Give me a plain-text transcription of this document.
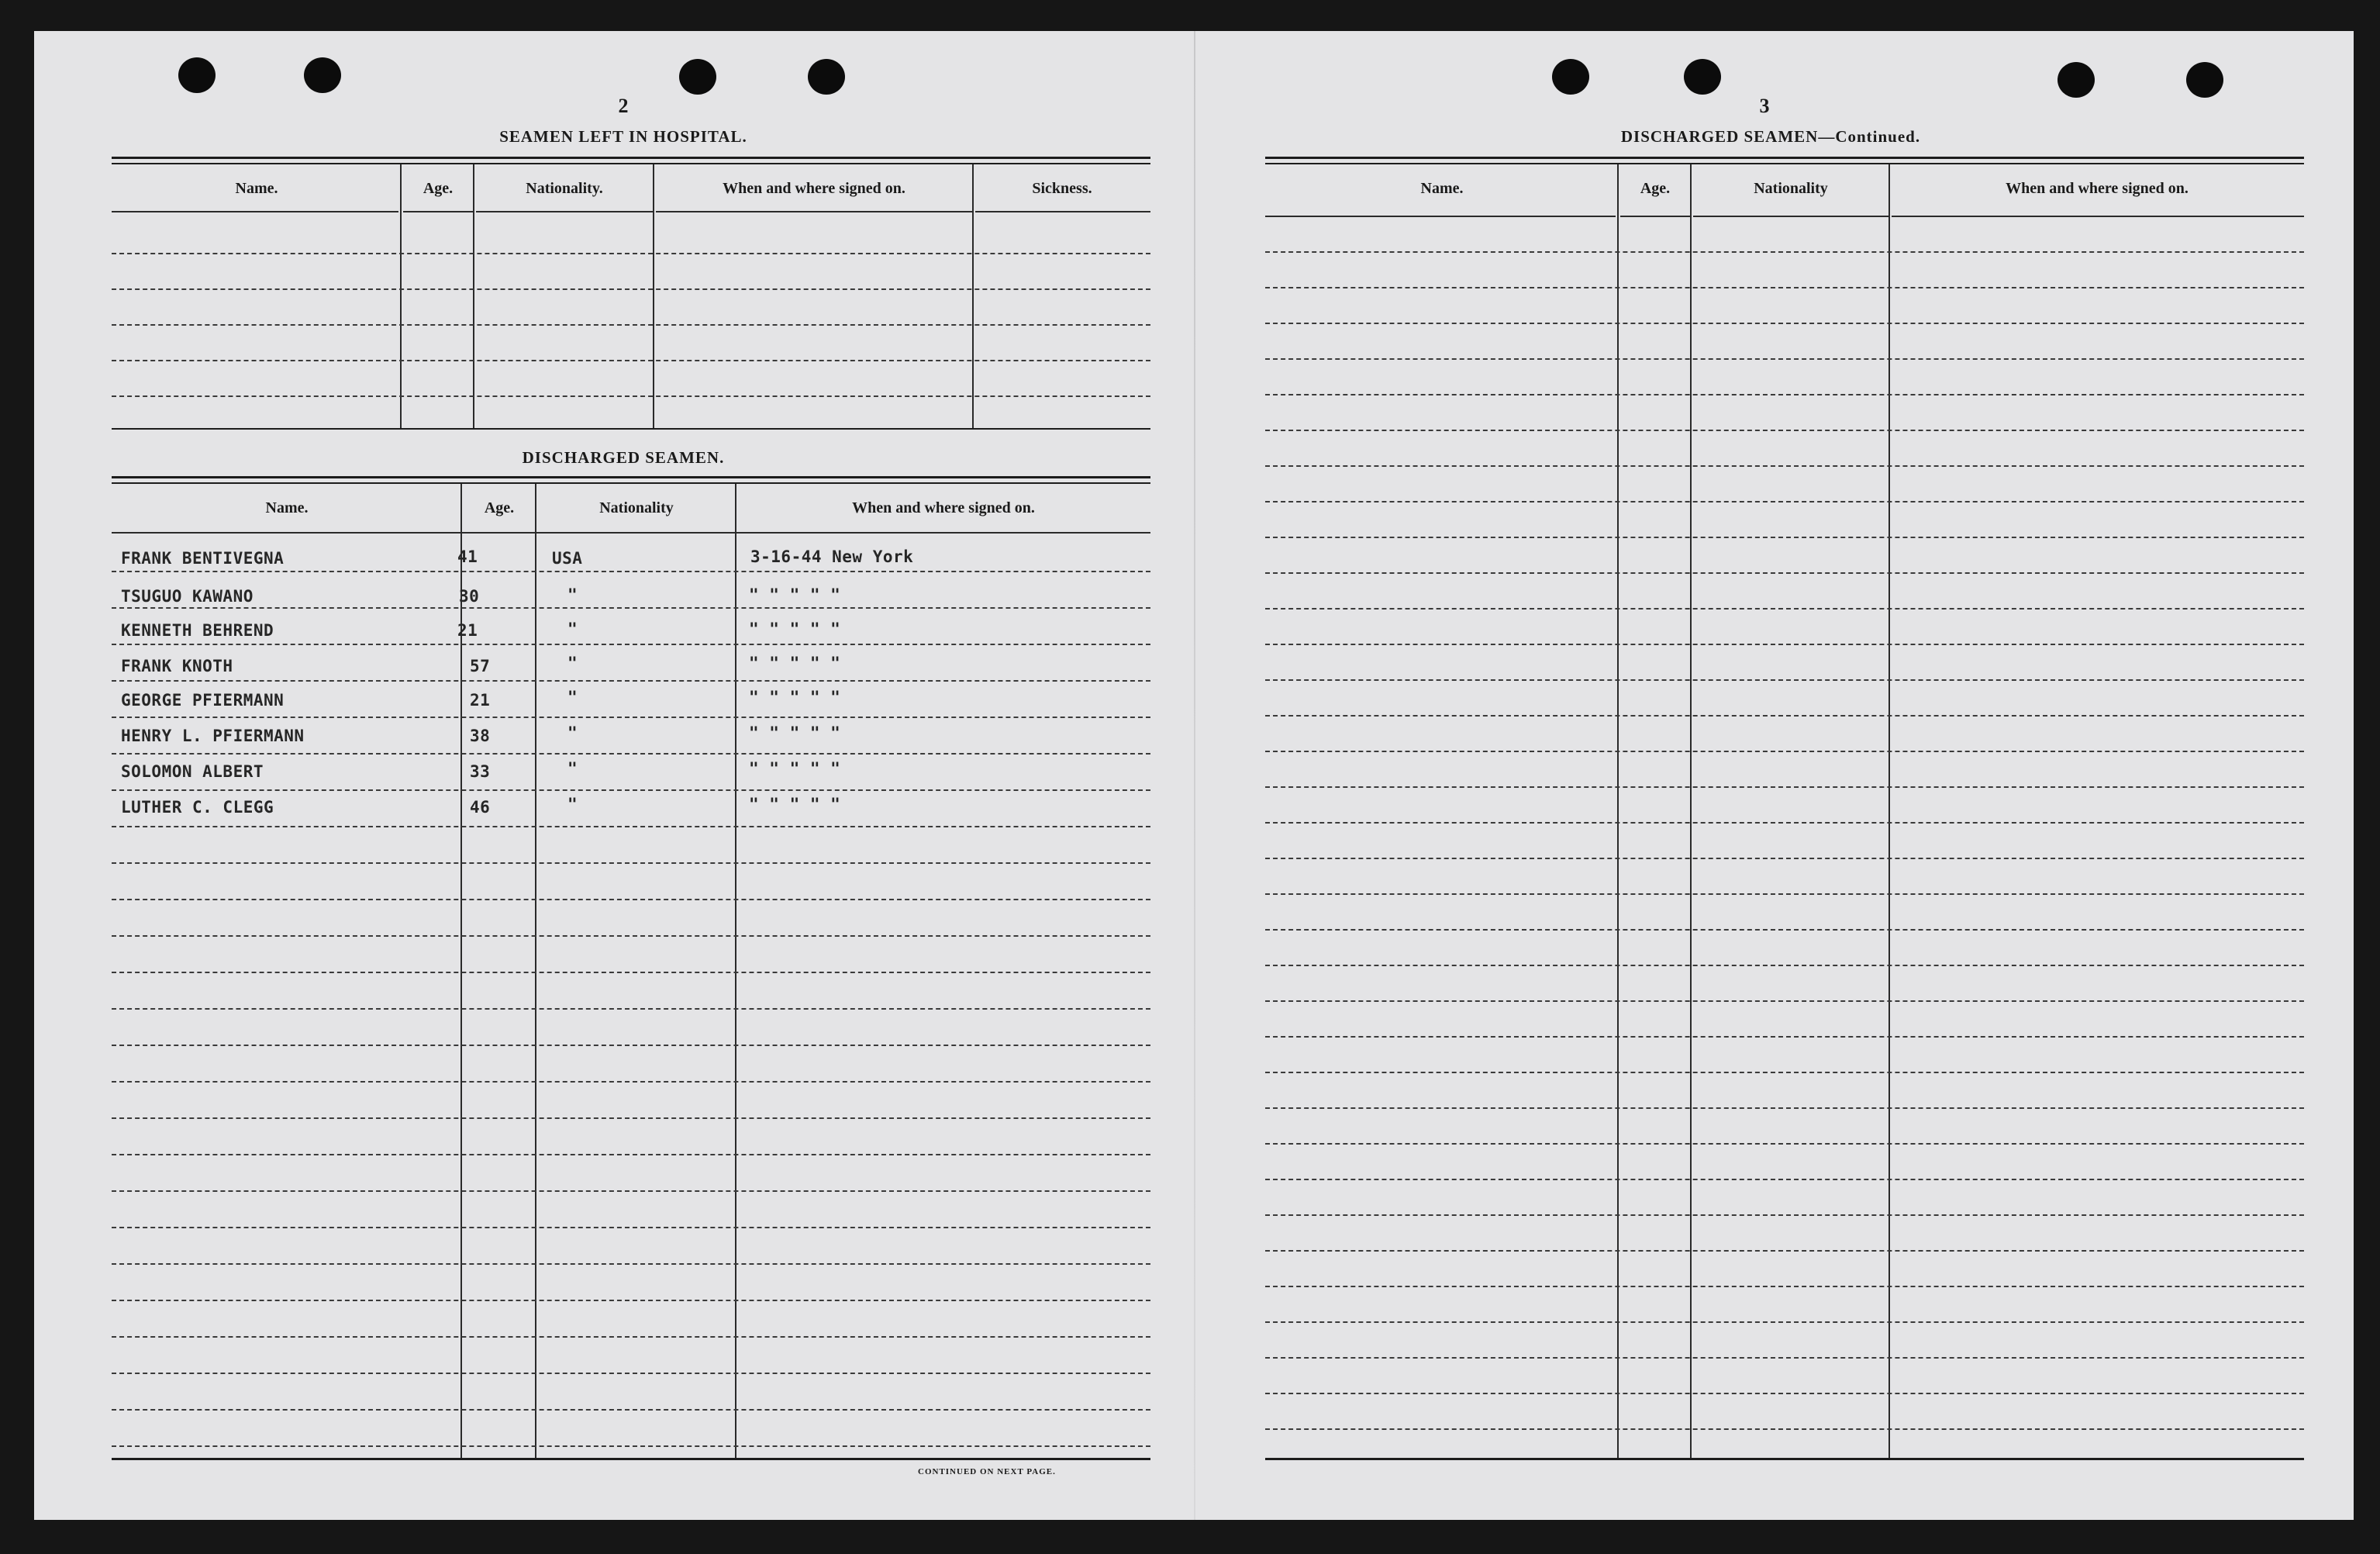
2
SEAMEN LEFT IN HOSPITAL.
Name.	Age.	Nationality.	When and where signed on.	Sickness.
DISCHARGED SEAMEN.
Name.	Age.	Nationality	When and where signed on.
FRANK BENTIVEGNA	41	USA	3-16-44 New York
TSUGUO KAWANO	30	"	" " " " "
KENNETH BEHREND	21	"	" " " " "
FRANK KNOTH	57	"	" " " " "
GEORGE PFIERMANN	21	"	" " " " "
HENRY L. PFIERMANN	38	"	" " " " "
SOLOMON ALBERT	33	"	" " " " "
LUTHER C. CLEGG	46	"	" " " " "
CONTINUED ON NEXT PAGE.
3
DISCHARGED SEAMEN—Continued.
Name.	Age.	Nationality	When and where signed on.
